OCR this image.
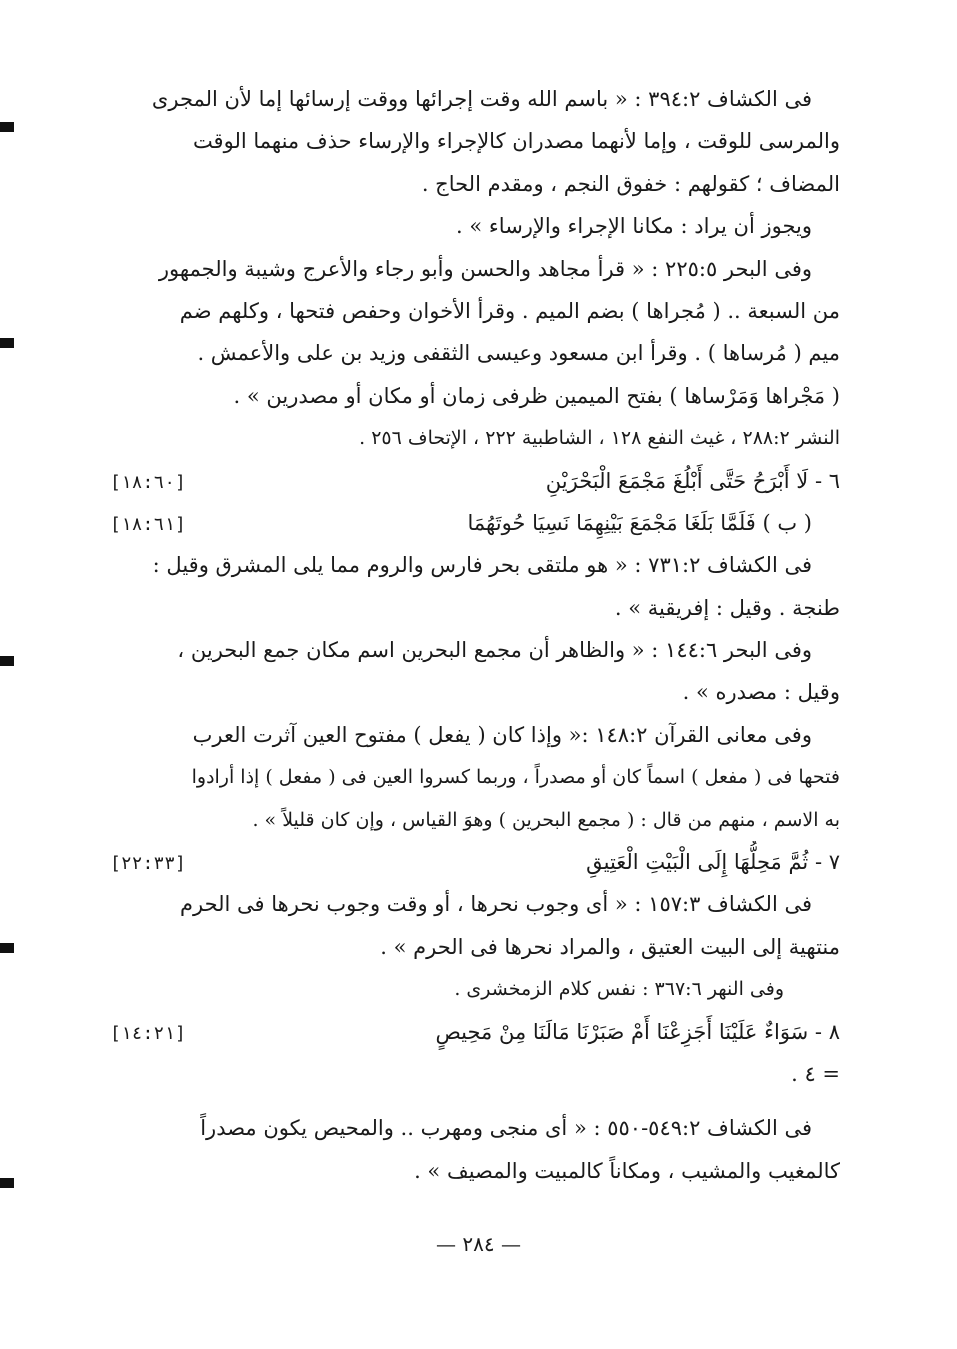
فى الكشاف ٣٩٤:٢ : « باسم الله وقت إجرائها ووقت إرسائها إما لأن المجرى
والمرسى للوقت ، وإما لأنهما مصدران كالإجراء والإرساء حذف منهما الوقت
المضاف ؛ كقولهم : خفوق النجم ، ومقدم الحاج .
ويجوز أن يراد : مكانا الإجراء والإرساء » .
وفى البحر ٢٢٥:٥ : « قرأ مجاهد والحسن وأبو رجاء والأعرج وشيبة والجمهور
من السبعة .. ( مُجراها ) بضم الميم . وقرأ الأخوان وحفص فتحها ، وكلهم ضم
ميم ( مُرساها ) . وقرأ ابن مسعود وعيسى الثقفى وزيد بن على والأعمش .
( مَجْراها وَمَرْساها ) بفتح الميمين ظرفى زمان أو مكان أو مصدرين » .
النشر ٢٨٨:٢ ، غيث النفع ١٢٨ ، الشاطبية ٢٢٢ ، الإتحاف ٢٥٦ .
٦ - لَا أَبْرَحُ حَتَّى أَبْلُغَ مَجْمَعَ الْبَحْرَيْنِ
[١٨:٦٠]
( ب ) فَلَمَّا بَلَغَا مَجْمَعَ بَيْنِهِمَا نَسِيَا حُوتَهُمَا
[١٨:٦١]
فى الكشاف ٧٣١:٢ : « هو ملتقى بحر فارس والروم مما يلى المشرق وقيل :
طنجة . وقيل : إفريقية » .
وفى البحر ١٤٤:٦ : « والظاهر أن مجمع البحرين اسم مكان جمع البحرين ،
وقيل : مصدره » .
وفى معانى القرآن ١٤٨:٢ :« وإذا كان ( يفعل ) مفتوح العين آثرت العرب
فتحها فى ( مفعل ) اسماً كان أو مصدراً ، وربما كسروا العين فى ( مفعل ) إذا أرادوا
به الاسم ، منهم من قال : ( مجمع البحرين ) وهوَ القياس ، وإن كان قليلاً » .
٧ - ثُمَّ مَحِلُّهَا إِلَى الْبَيْتِ الْعَتِيقِ
[٢٢:٣٣]
فى الكشاف ١٥٧:٣ : « أى وجوب نحرها ، أو وقت وجوب نحرها فى الحرم
منتهية إلى البيت العتيق ، والمراد نحرها فى الحرم » .
وفى النهر ٣٦٧:٦ : نفس كلام الزمخشرى .
٨ - سَوَاءٌ عَلَيْنَا أَجَزِعْنَا أَمْ صَبَرْنَا مَالَنَا مِنْ مَحِيصٍ
[١٤:٢١]
= ٤ .
فى الكشاف ٥٤٩:٢-٥٥٠ : « أى منجى ومهرب .. والمحيص يكون مصدراً
كالمغيب والمشيب ، ومكاناً كالمبيت والمصيف » .
— ٢٨٤ —
